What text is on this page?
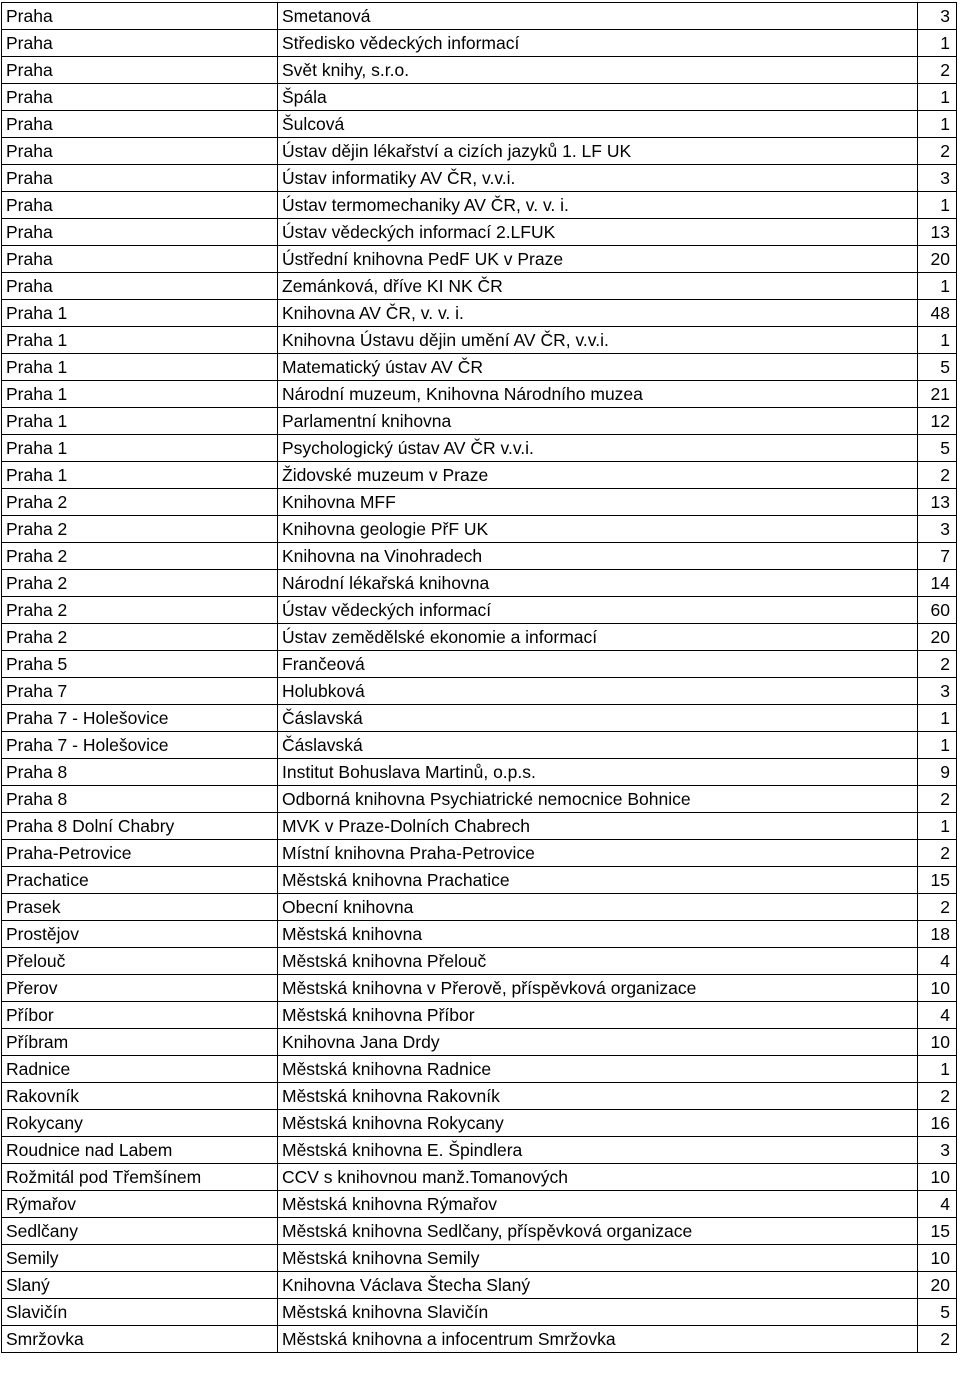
Praha	Smetanová	3
Praha	Středisko vědeckých informací	1
Praha	Svět knihy, s.r.o.	2
Praha	Špála	1
Praha	Šulcová	1
Praha	Ústav dějin lékařství a cizích jazyků 1. LF UK	2
Praha	Ústav informatiky AV ČR, v.v.i.	3
Praha	Ústav termomechaniky AV ČR, v. v. i.	1
Praha	Ústav vědeckých informací 2.LFUK	13
Praha	Ústřední knihovna PedF UK v Praze	20
Praha	Zemánková, dříve KI NK ČR	1
Praha 1	Knihovna AV ČR, v. v. i.	48
Praha 1	Knihovna Ústavu dějin umění AV ČR, v.v.i.	1
Praha 1	Matematický ústav AV ČR	5
Praha 1	Národní muzeum, Knihovna Národního muzea	21
Praha 1	Parlamentní knihovna	12
Praha 1	Psychologický ústav AV ČR v.v.i.	5
Praha 1	Židovské muzeum v Praze	2
Praha 2	Knihovna MFF	13
Praha 2	Knihovna geologie PřF UK	3
Praha 2	Knihovna na Vinohradech	7
Praha 2	Národní lékařská knihovna	14
Praha 2	Ústav vědeckých informací	60
Praha 2	Ústav zemědělské ekonomie a informací	20
Praha 5	Frančeová	2
Praha 7	Holubková	3
Praha 7 - Holešovice	Čáslavská	1
Praha 7 - Holešovice	Čáslavská	1
Praha 8	Institut Bohuslava Martinů, o.p.s.	9
Praha 8	Odborná knihovna Psychiatrické nemocnice Bohnice	2
Praha 8 Dolní Chabry	MVK v Praze-Dolních Chabrech	1
Praha-Petrovice	Místní knihovna Praha-Petrovice	2
Prachatice	Městská knihovna Prachatice	15
Prasek	Obecní knihovna	2
Prostějov	Městská knihovna	18
Přelouč	Městská knihovna Přelouč	4
Přerov	Městská knihovna v Přerově, příspěvková organizace	10
Příbor	Městská knihovna Příbor	4
Příbram	Knihovna Jana Drdy	10
Radnice	Městská knihovna Radnice	1
Rakovník	Městská knihovna Rakovník	2
Rokycany	Městská knihovna Rokycany	16
Roudnice nad Labem	Městská knihovna E. Špindlera	3
Rožmitál pod Třemšínem	CCV s knihovnou manž.Tomanových	10
Rýmařov	Městská knihovna Rýmařov	4
Sedlčany	Městská knihovna Sedlčany, příspěvková organizace	15
Semily	Městská knihovna Semily	10
Slaný	Knihovna Václava Štecha Slaný	20
Slavičín	Městská knihovna Slavičín	5
Smržovka	Městská knihovna a infocentrum Smržovka	2
